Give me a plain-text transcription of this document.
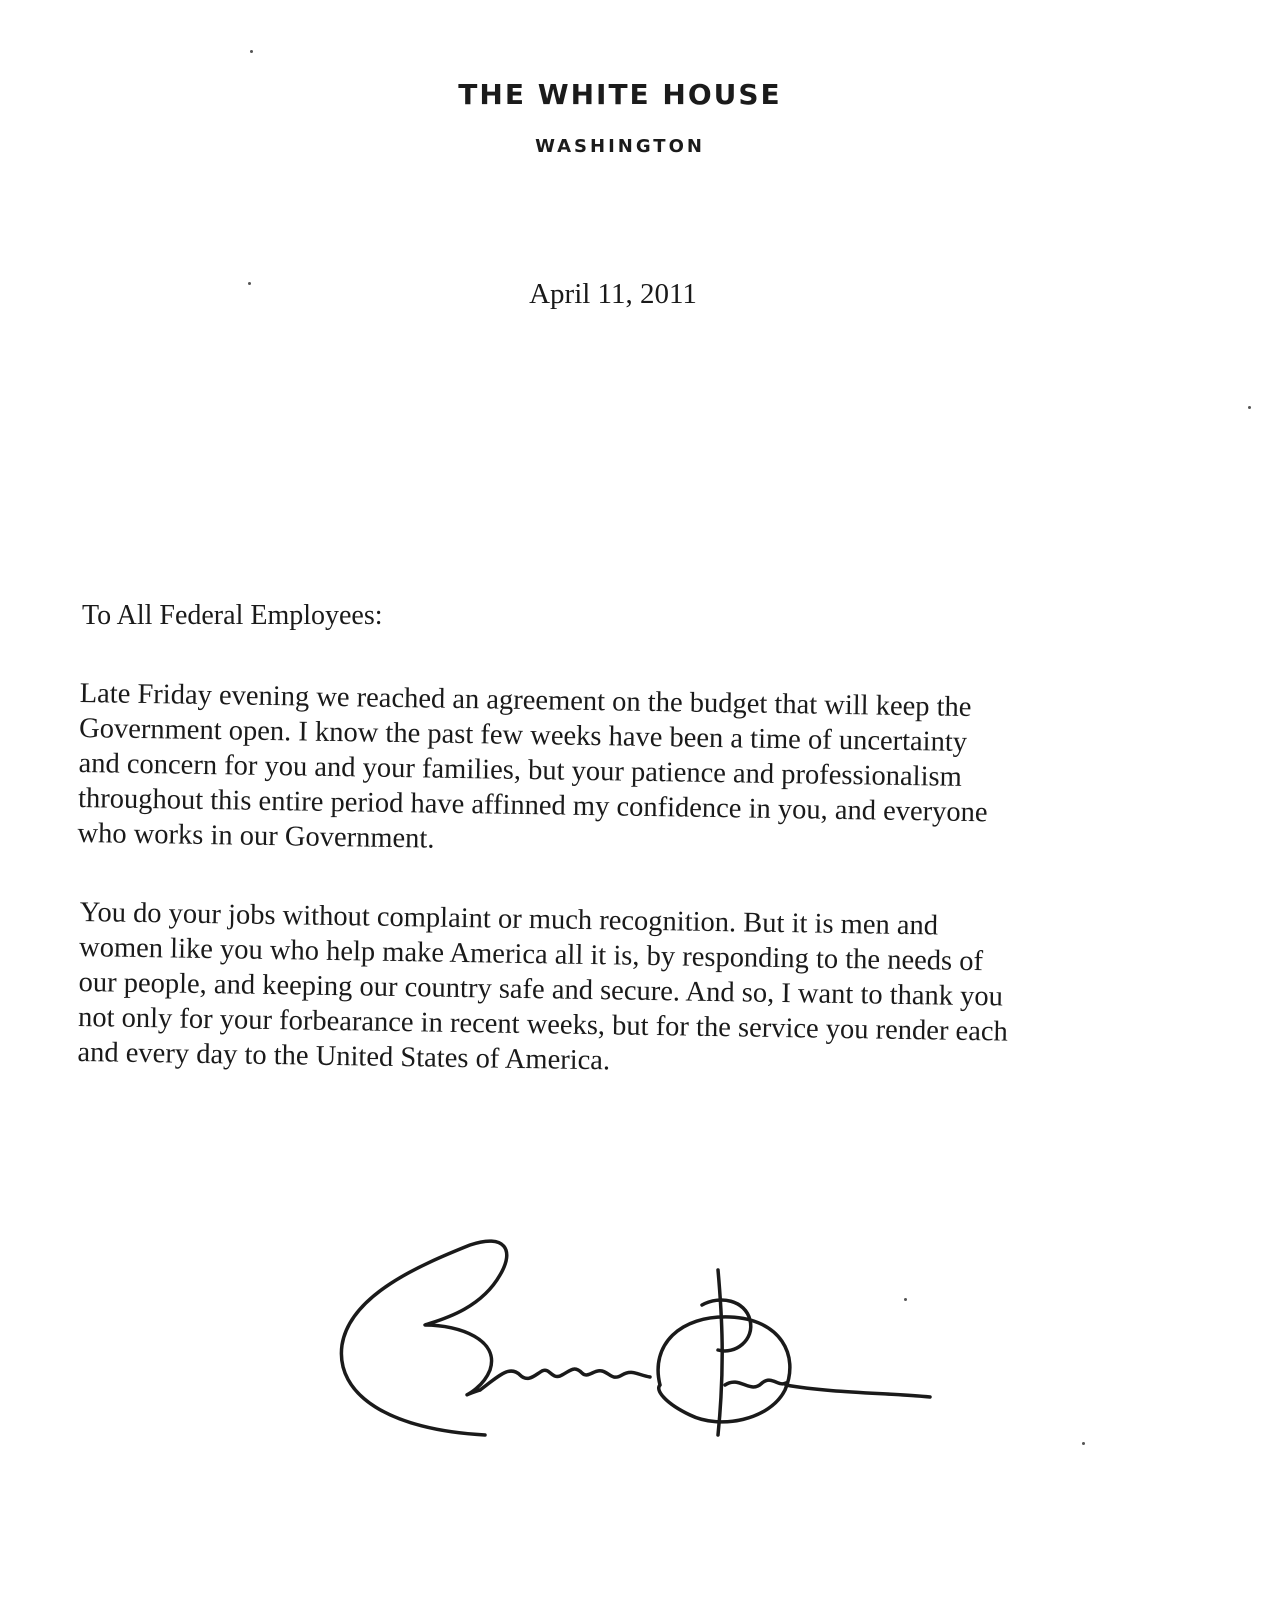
THE WHITE HOUSE
WASHINGTON
April 11, 2011
To All Federal Employees:
Late Friday evening we reached an agreement on the budget that will keep the
Government open. I know the past few weeks have been a time of uncertainty
and concern for you and your families, but your patience and professionalism
throughout this entire period have affinned my confidence in you, and everyone
who works in our Government.
You do your jobs without complaint or much recognition. But it is men and
women like you who help make America all it is, by responding to the needs of
our people, and keeping our country safe and secure. And so, I want to thank you
not only for your forbearance in recent weeks, but for the service you render each
and every day to the United States of America.
